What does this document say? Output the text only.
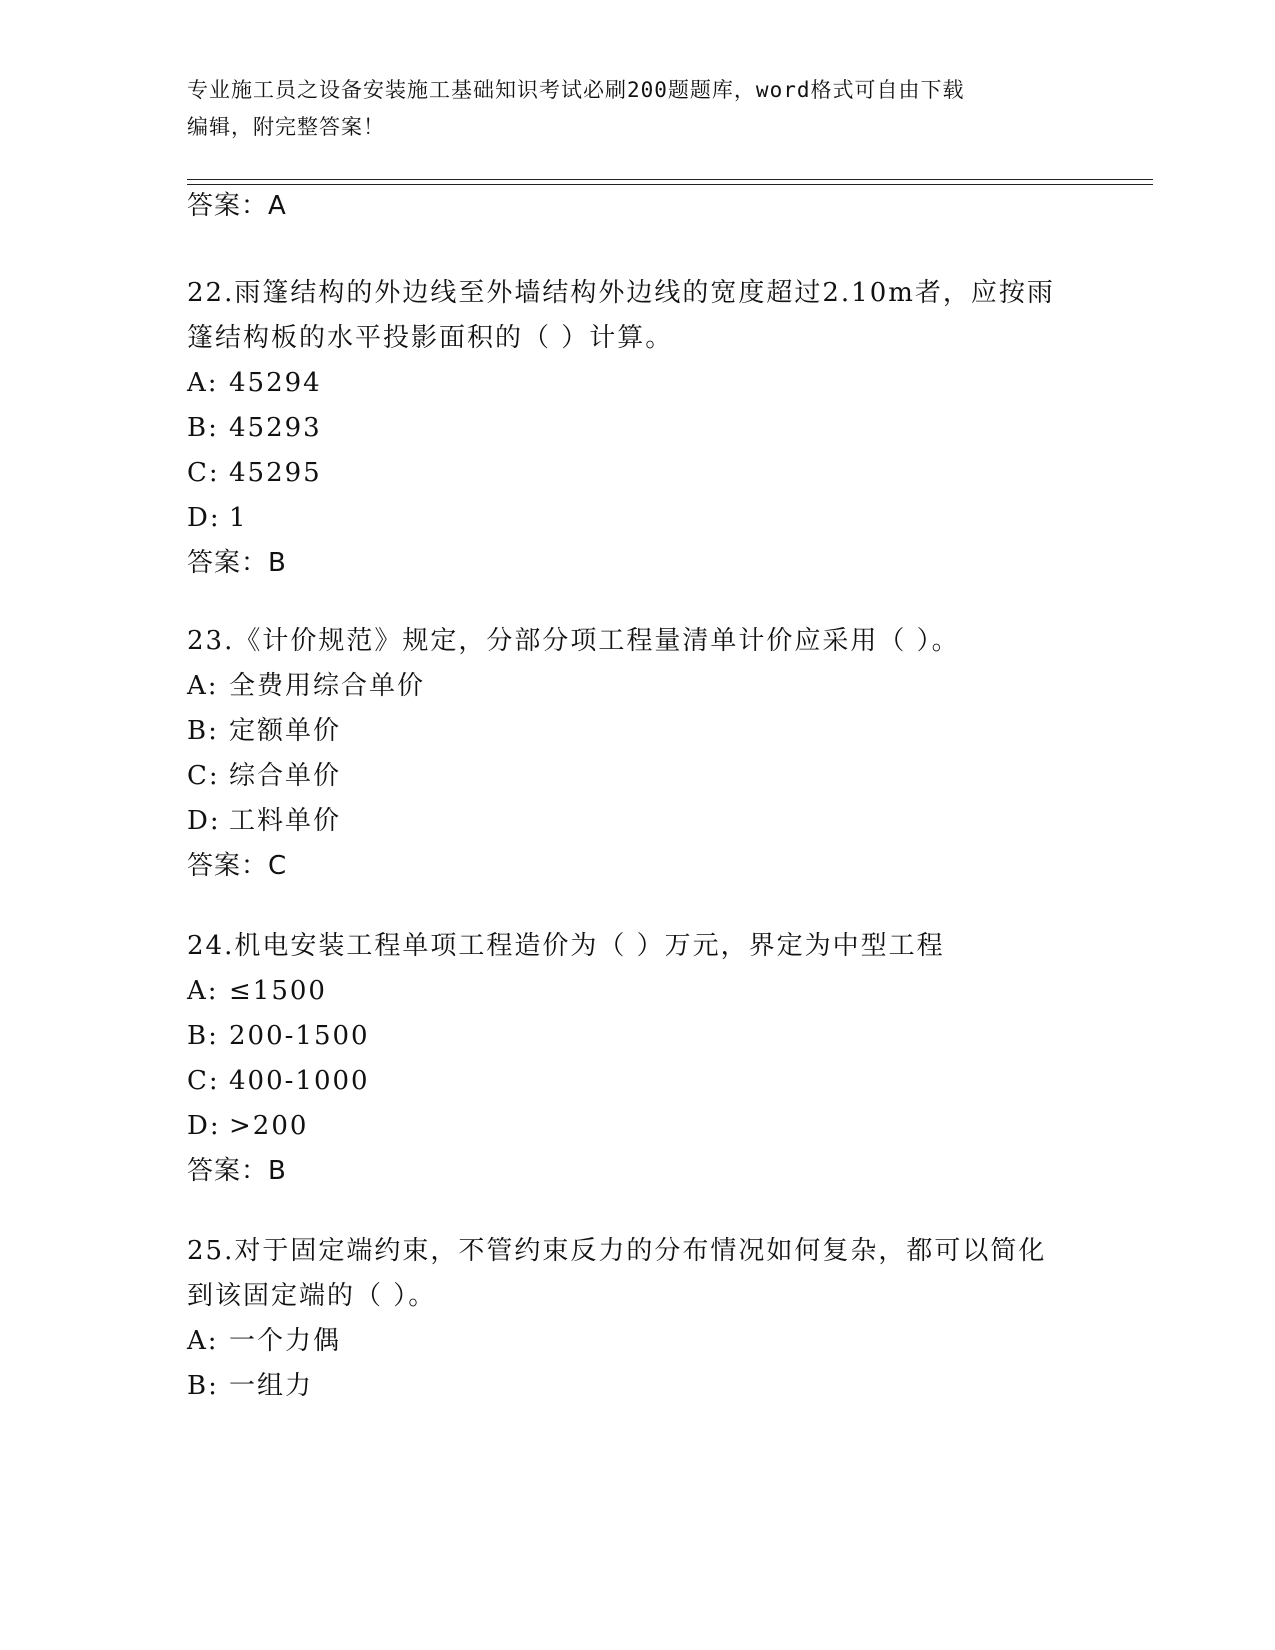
专业施工员之设备安装施工基础知识考试必刷200题题库，word格式可自由下载
编辑，附完整答案！
答案：A
22.雨篷结构的外边线至外墙结构外边线的宽度超过2.10m者，应按雨
篷结构板的水平投影面积的（ ）计算。
A: 45294
B: 45293
C: 45295
D: 1
答案：B
23.《计价规范》规定，分部分项工程量清单计价应采用（ ）。
A: 全费用综合单价
B: 定额单价
C: 综合单价
D: 工料单价
答案：C
24.机电安装工程单项工程造价为（ ）万元，界定为中型工程
A: ≤1500
B: 200-1500
C: 400-1000
D: >200
答案：B
25.对于固定端约束，不管约束反力的分布情况如何复杂，都可以简化
到该固定端的（ ）。
A: 一个力偶
B: 一组力
